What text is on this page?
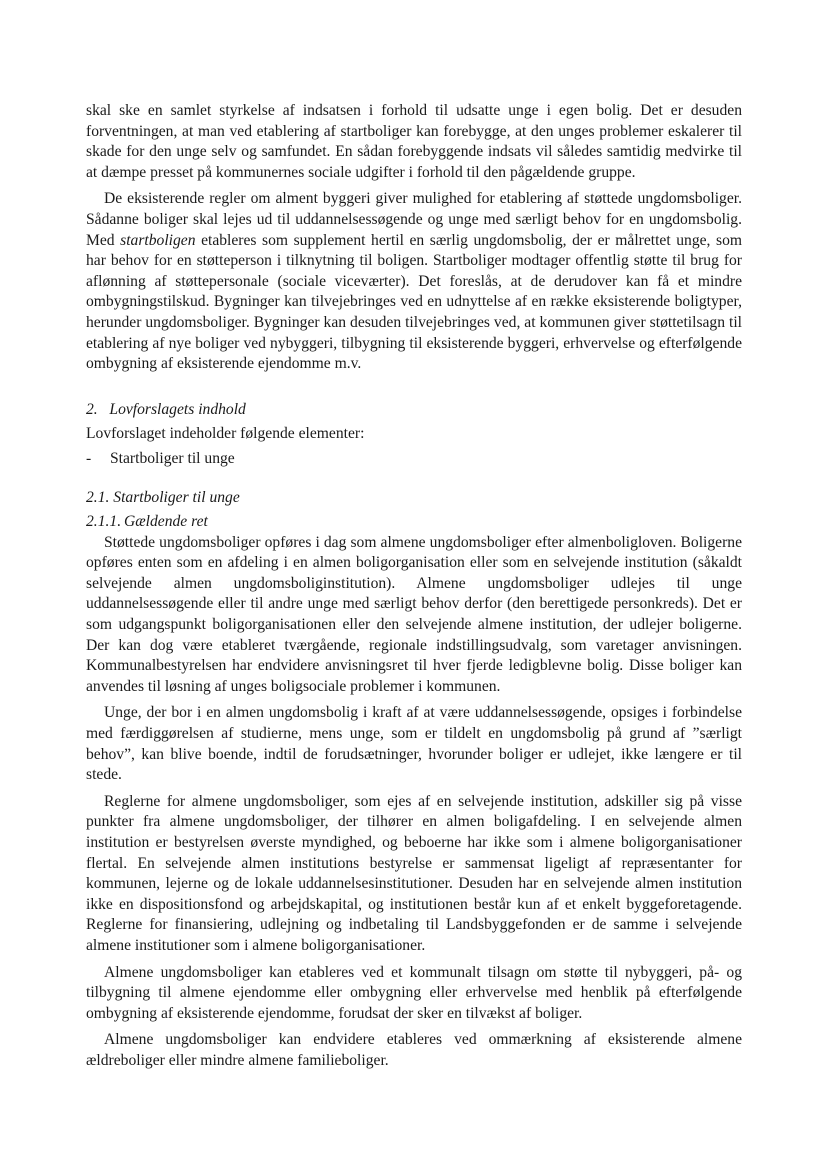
skal ske en samlet styrkelse af indsatsen i forhold til udsatte unge i egen bolig. Det er desuden forventningen, at man ved etablering af startboliger kan forebygge, at den unges problemer eskalerer til skade for den unge selv og samfundet. En sådan forebyggende indsats vil således samtidig medvirke til at dæmpe presset på kommunernes sociale udgifter i forhold til den pågældende gruppe.

De eksisterende regler om alment byggeri giver mulighed for etablering af støttede ungdomsboliger. Sådanne boliger skal lejes ud til uddannelsessøgende og unge med særligt behov for en ungdomsbolig. Med startboligen etableres som supplement hertil en særlig ungdomsbolig, der er målrettet unge, som har behov for en støtteperson i tilknytning til boligen. Startboliger modtager offentlig støtte til brug for aflønning af støttepersonale (sociale viceværter). Det foreslås, at de derudover kan få et mindre ombygningstilskud. Bygninger kan tilvejebringes ved en udnyttelse af en række eksisterende boligtyper, herunder ungdomsboliger. Bygninger kan desuden tilvejebringes ved, at kommunen giver støttetilsagn til etablering af nye boliger ved nybyggeri, tilbygning til eksisterende byggeri, erhvervelse og efterfølgende ombygning af eksisterende ejendomme m.v.

2.   Lovforslagets indhold

Lovforslaget indeholder følgende elementer:

-	Startboliger til unge

2.1. Startboliger til unge

2.1.1. Gældende ret

Støttede ungdomsboliger opføres i dag som almene ungdomsboliger efter almenboligloven. Boligerne opføres enten som en afdeling i en almen boligorganisation eller som en selvejende institution (såkaldt selvejende almen ungdomsboliginstitution). Almene ungdomsboliger udlejes til unge uddannelsessøgende eller til andre unge med særligt behov derfor (den berettigede personkreds). Det er som udgangspunkt boligorganisationen eller den selvejende almene institution, der udlejer boligerne. Der kan dog være etableret tværgående, regionale indstillingsudvalg, som varetager anvisningen. Kommunalbestyrelsen har endvidere anvisningsret til hver fjerde ledigblevne bolig. Disse boliger kan anvendes til løsning af unges boligsociale problemer i kommunen.

Unge, der bor i en almen ungdomsbolig i kraft af at være uddannelsessøgende, opsiges i forbindelse med færdiggørelsen af studierne, mens unge, som er tildelt en ungdomsbolig på grund af ”særligt behov”, kan blive boende, indtil de forudsætninger, hvorunder boliger er udlejet, ikke længere er til stede.

Reglerne for almene ungdomsboliger, som ejes af en selvejende institution, adskiller sig på visse punkter fra almene ungdomsboliger, der tilhører en almen boligafdeling. I en selvejende almen institution er bestyrelsen øverste myndighed, og beboerne har ikke som i almene boligorganisationer flertal. En selvejende almen institutions bestyrelse er sammensat ligeligt af repræsentanter for kommunen, lejerne og de lokale uddannelsesinstitutioner. Desuden har en selvejende almen institution ikke en dispositionsfond og arbejdskapital, og institutionen består kun af et enkelt byggeforetagende. Reglerne for finansiering, udlejning og indbetaling til Landsbyggefonden er de samme i selvejende almene institutioner som i almene boligorganisationer.

Almene ungdomsboliger kan etableres ved et kommunalt tilsagn om støtte til nybyggeri, på- og tilbygning til almene ejendomme eller ombygning eller erhvervelse med henblik på efterfølgende ombygning af eksisterende ejendomme, forudsat der sker en tilvækst af boliger.

Almene ungdomsboliger kan endvidere etableres ved ommærkning af eksisterende almene ældreboliger eller mindre almene familieboliger.
